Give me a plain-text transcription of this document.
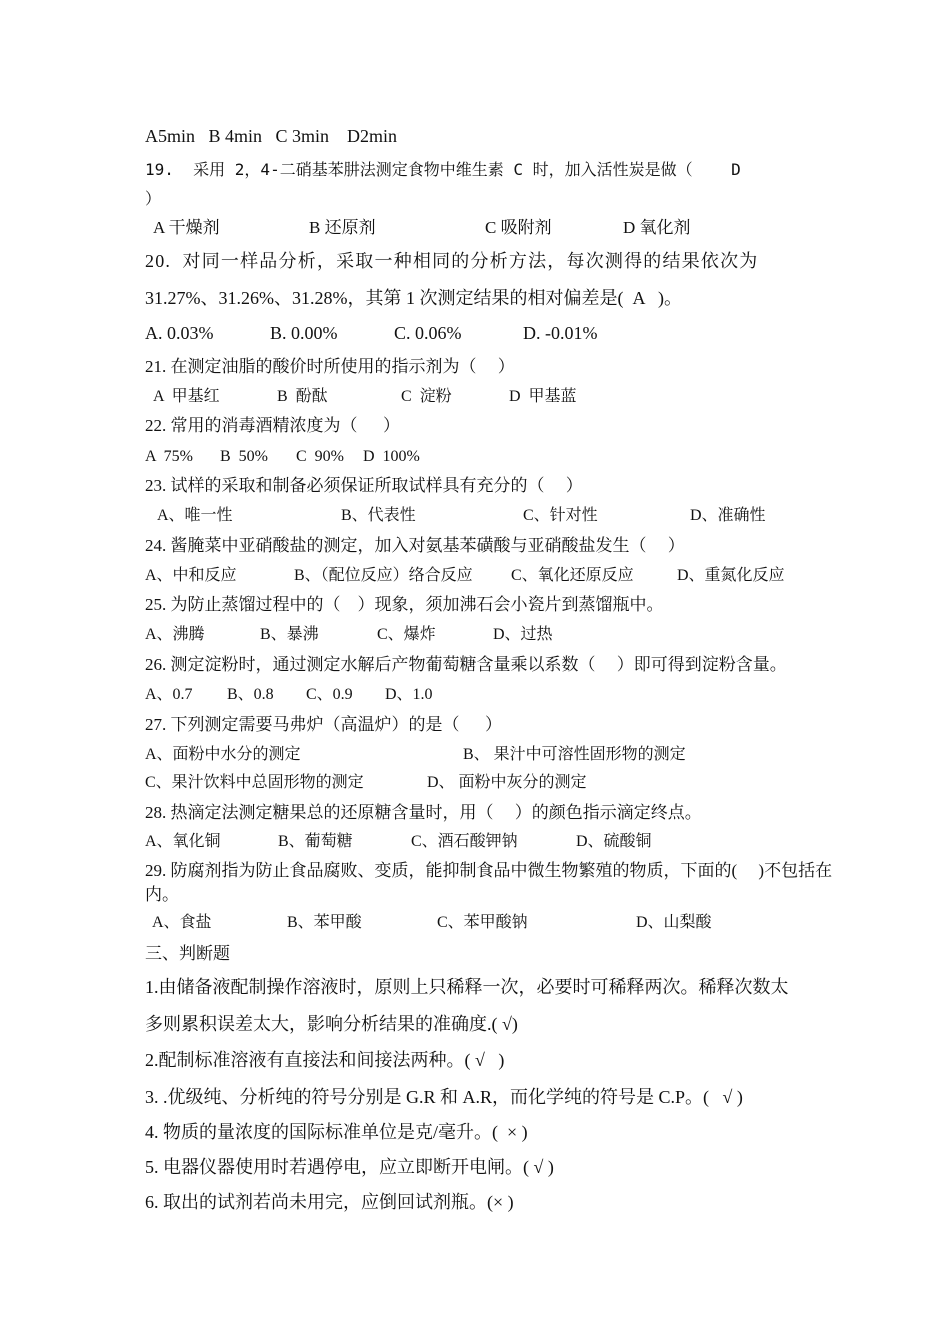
A5min   B 4min   C 3min    D2min
19.  采用 2，4-二硝基苯肼法测定食物中维生素 C 时，加入活性炭是做（    D
）
A 干燥剂	B 还原剂	C 吸附剂	D 氧化剂
20.  对同一样品分析，采取一种相同的分析方法，每次测得的结果依次为
31.27%、31.26%、31.28%，其第 1 次测定结果的相对偏差是(  A   )。
A. 0.03%	B. 0.00%	C. 0.06%	D. -0.01%
21. 在测定油脂的酸价时所使用的指示剂为（     ）
A  甲基红	B  酚酞	C  淀粉	D  甲基蓝
22. 常用的消毒酒精浓度为（      ）
A  75% B  50% C  90% D  100%
23. 试样的采取和制备必须保证所取试样具有充分的（     ）
A、唯一性	B、代表性	C、针对性	D、准确性
24. 酱腌菜中亚硝酸盐的测定，加入对氨基苯磺酸与亚硝酸盐发生（     ）
A、中和反应	B、（配位反应）络合反应 C、氧化还原反应	D、重氮化反应
25. 为防止蒸馏过程中的（    ）现象，须加沸石会小瓷片到蒸馏瓶中。
A、沸腾	B、暴沸	C、爆炸	D、过热
26. 测定淀粉时，通过测定水解后产物葡萄糖含量乘以系数（     ）即可得到淀粉含量。
A、0.7 B、0.8 C、0.9 D、1.0
27. 下列测定需要马弗炉（高温炉）的是（      ）
A、面粉中水分的测定	B、 果汁中可溶性固形物的测定
C、果汁饮料中总固形物的测定	D、 面粉中灰分的测定
28. 热滴定法测定糖果总的还原糖含量时，用（     ）的颜色指示滴定终点。
A、氧化铜	B、葡萄糖	C、酒石酸钾钠	D、硫酸铜
29. 防腐剂指为防止食品腐败、变质，能抑制食品中微生物繁殖的物质，下面的(     )不包括在
内。
A、食盐	B、苯甲酸	C、苯甲酸钠	D、山梨酸
三、判断题
1.由储备液配制操作溶液时，原则上只稀释一次，必要时可稀释两次。稀释次数太
多则累积误差太大，影响分析结果的准确度.( √)
2.配制标准溶液有直接法和间接法两种。( √   )
3. .优级纯、分析纯的符号分别是 G.R 和 A.R，而化学纯的符号是 C.P。(   √ )
4. 物质的量浓度的国际标准单位是克/毫升。(  × )
5. 电器仪器使用时若遇停电，应立即断开电闸。( √ )
6. 取出的试剂若尚未用完，应倒回试剂瓶。(× )
